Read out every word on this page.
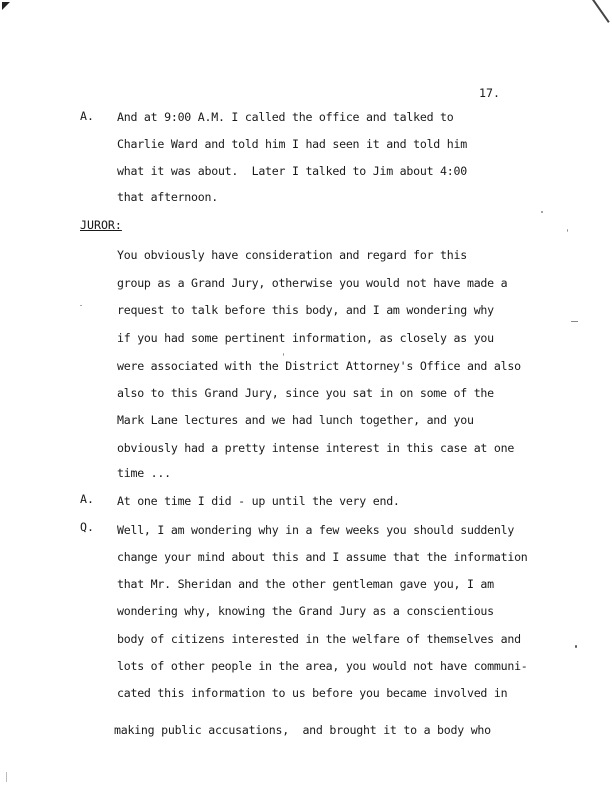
17.
A. And at 9:00 A.M. I called the office and talked to
Charlie Ward and told him I had seen it and told him
what it was about.  Later I talked to Jim about 4:00
that afternoon.
JUROR:
You obviously have consideration and regard for this
group as a Grand Jury, otherwise you would not have made a
request to talk before this body, and I am wondering why
if you had some pertinent information, as closely as you
were associated with the District Attorney's Office and also
also to this Grand Jury, since you sat in on some of the
Mark Lane lectures and we had lunch together, and you
obviously had a pretty intense interest in this case at one
time ...
A. At one time I did - up until the very end.
Q. Well, I am wondering why in a few weeks you should suddenly
change your mind about this and I assume that the information
that Mr. Sheridan and the other gentleman gave you, I am
wondering why, knowing the Grand Jury as a conscientious
body of citizens interested in the welfare of themselves and
lots of other people in the area, you would not have communi-
cated this information to us before you became involved in
making public accusations,  and brought it to a body who
